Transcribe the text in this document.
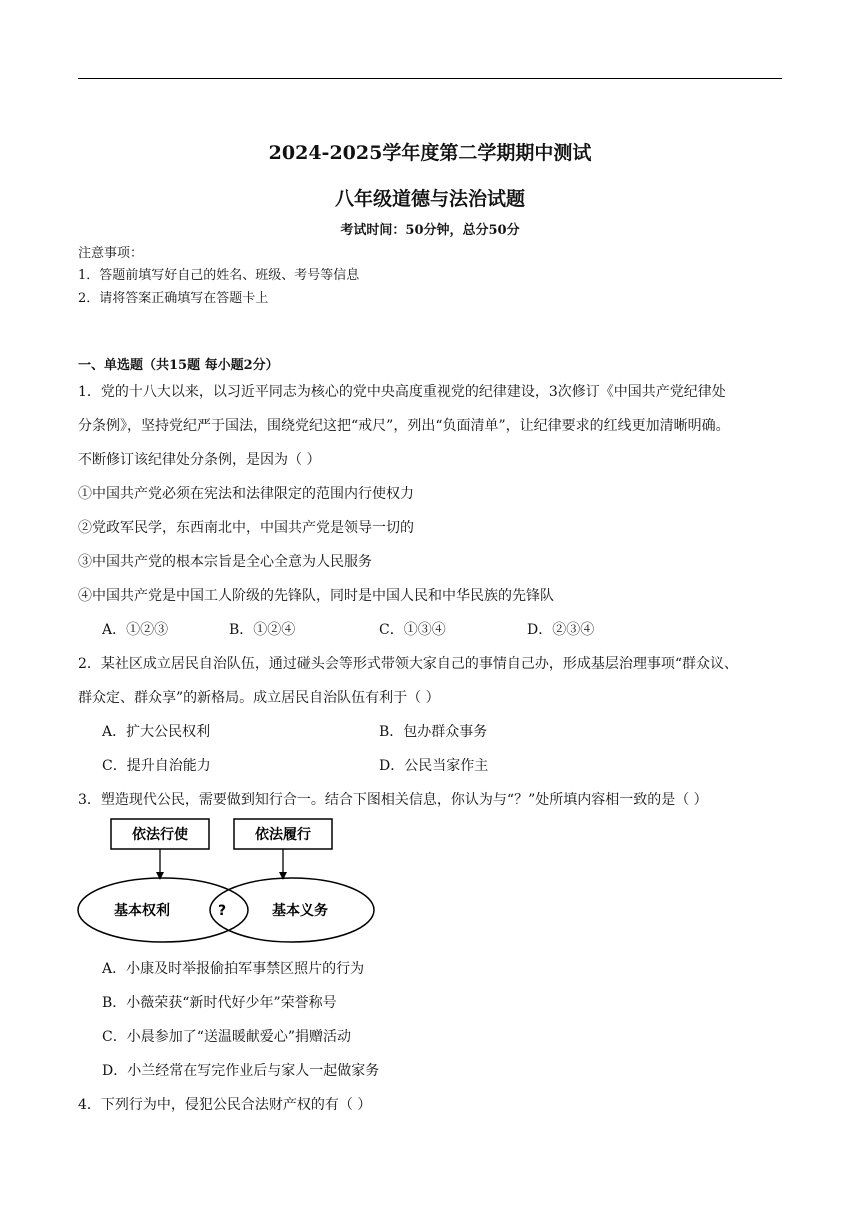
2024-2025学年度第二学期期中测试
八年级道德与法治试题
考试时间：50分钟，总分50分
注意事项：
1．答题前填写好自己的姓名、班级、考号等信息
2．请将答案正确填写在答题卡上
一、单选题（共15题 每小题2分）
1．党的十八大以来，以习近平同志为核心的党中央高度重视党的纪律建设，3次修订《中国共产党纪律处
分条例》，坚持党纪严于国法，围绕党纪这把“戒尺”，列出“负面清单”，让纪律要求的红线更加清晰明确。
不断修订该纪律处分条例，是因为（ ）
①中国共产党必须在宪法和法律限定的范围内行使权力
②党政军民学，东西南北中，中国共产党是领导一切的
③中国共产党的根本宗旨是全心全意为人民服务
④中国共产党是中国工人阶级的先锋队，同时是中国人民和中华民族的先锋队
A．①②③	B．①②④	C．①③④	D．②③④
2．某社区成立居民自治队伍，通过碰头会等形式带领大家自己的事情自己办，形成基层治理事项“群众议、
群众定、群众享”的新格局。成立居民自治队伍有利于（ ）
A．扩大公民权利	B．包办群众事务
C．提升自治能力	D．公民当家作主
3．塑造现代公民，需要做到知行合一。结合下图相关信息，你认为与“？”处所填内容相一致的是（ ）
依法行使	依法履行
基本权利	?	基本义务
A．小康及时举报偷拍军事禁区照片的行为
B．小薇荣获“新时代好少年”荣誉称号
C．小晨参加了“送温暖献爱心”捐赠活动
D．小兰经常在写完作业后与家人一起做家务
4．下列行为中，侵犯公民合法财产权的有（ ）
